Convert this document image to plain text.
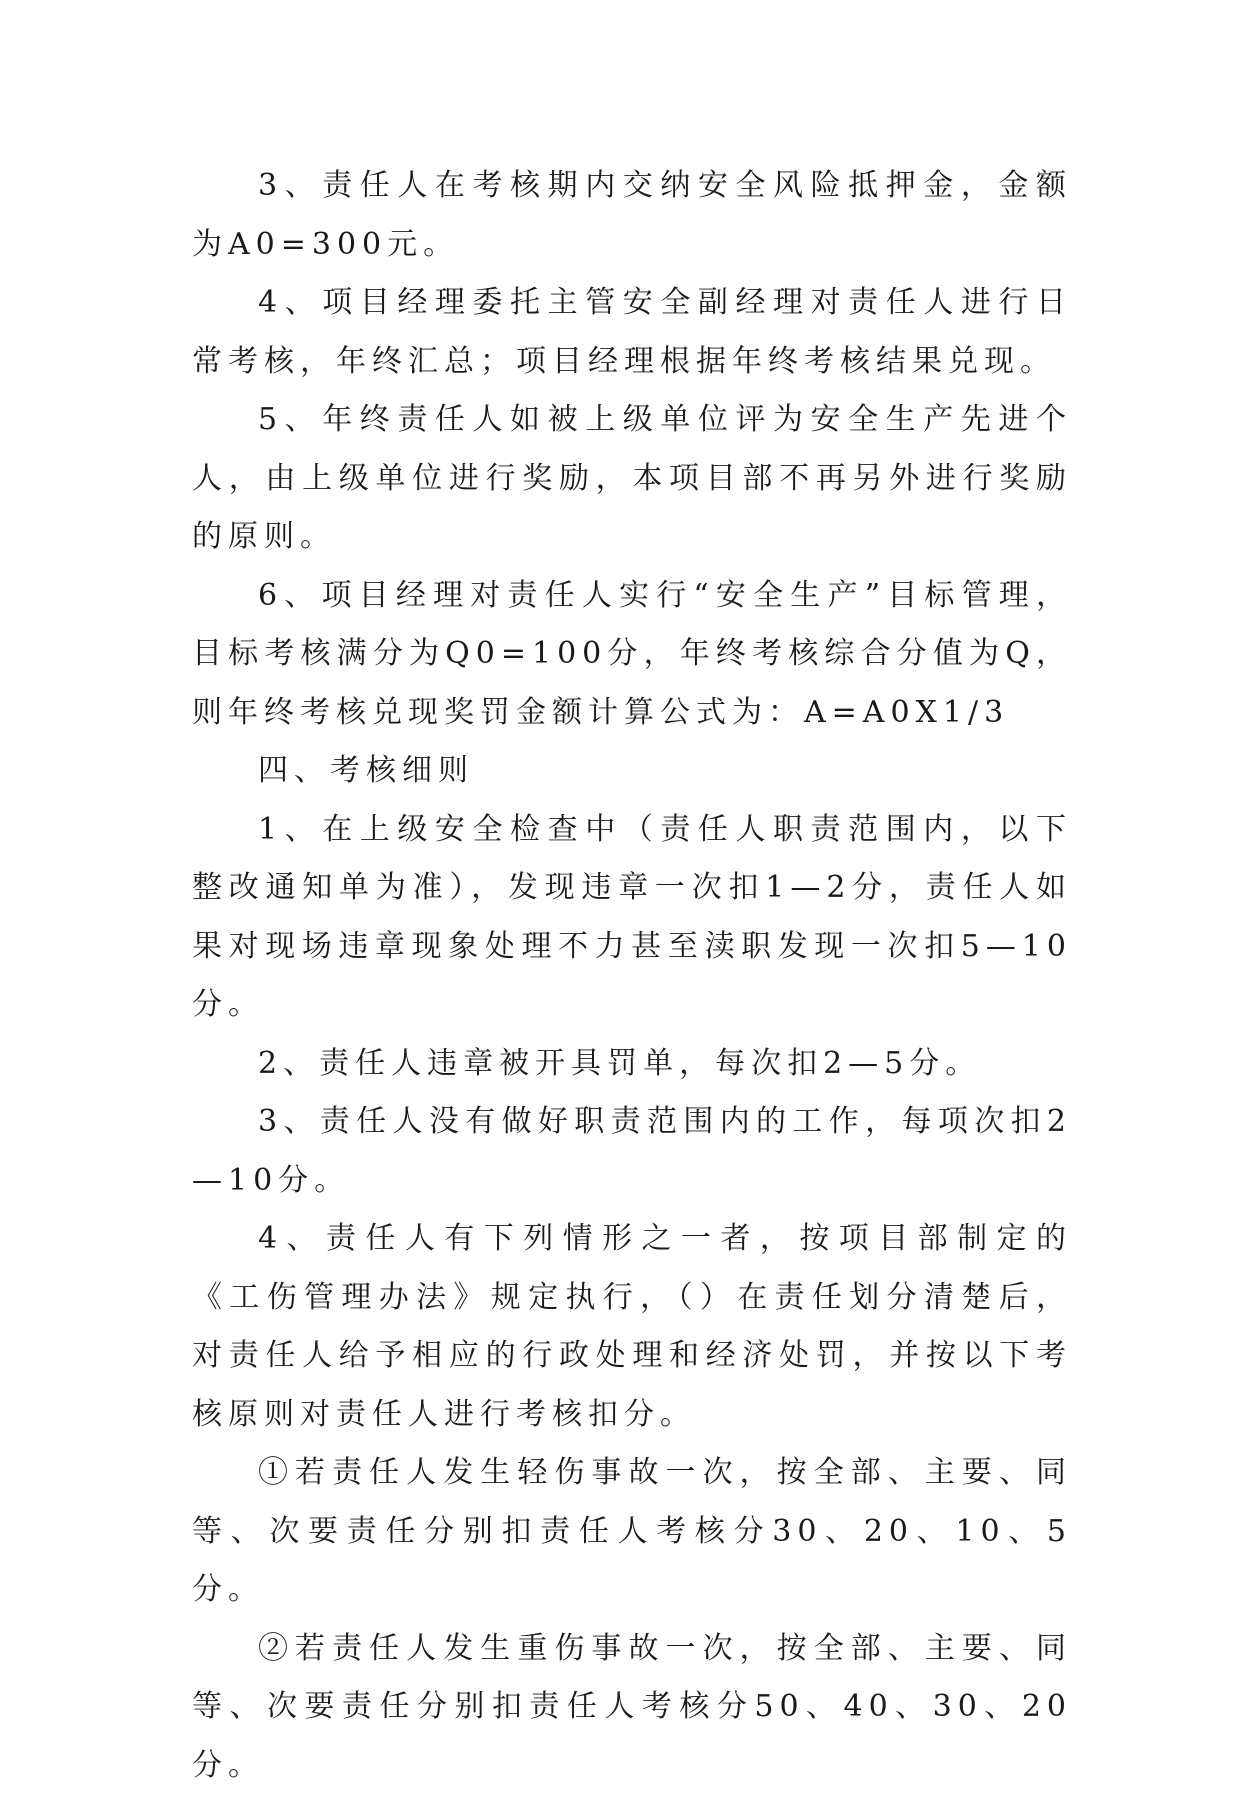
3、责任人在考核期内交纳安全风险抵押金，金额为A0=300元。

4、项目经理委托主管安全副经理对责任人进行日常考核，年终汇总；项目经理根据年终考核结果兑现。

5、年终责任人如被上级单位评为安全生产先进个人，由上级单位进行奖励，本项目部不再另外进行奖励的原则。

6、项目经理对责任人实行“安全生产”目标管理，目标考核满分为Q0=100分，年终考核综合分值为Q，则年终考核兑现奖罚金额计算公式为：A=A0X1/3

四、考核细则

1、在上级安全检查中（责任人职责范围内，以下整改通知单为准），发现违章一次扣1—2分，责任人如果对现场违章现象处理不力甚至渎职发现一次扣5—10分。

2、责任人违章被开具罚单，每次扣2—5分。

3、责任人没有做好职责范围内的工作，每项次扣2—10分。

4、责任人有下列情形之一者，按项目部制定的《工伤管理办法》规定执行，（）在责任划分清楚后，对责任人给予相应的行政处理和经济处罚，并按以下考核原则对责任人进行考核扣分。

①若责任人发生轻伤事故一次，按全部、主要、同等、次要责任分别扣责任人考核分30、20、10、5分。

②若责任人发生重伤事故一次，按全部、主要、同等、次要责任分别扣责任人考核分50、40、30、20分。
